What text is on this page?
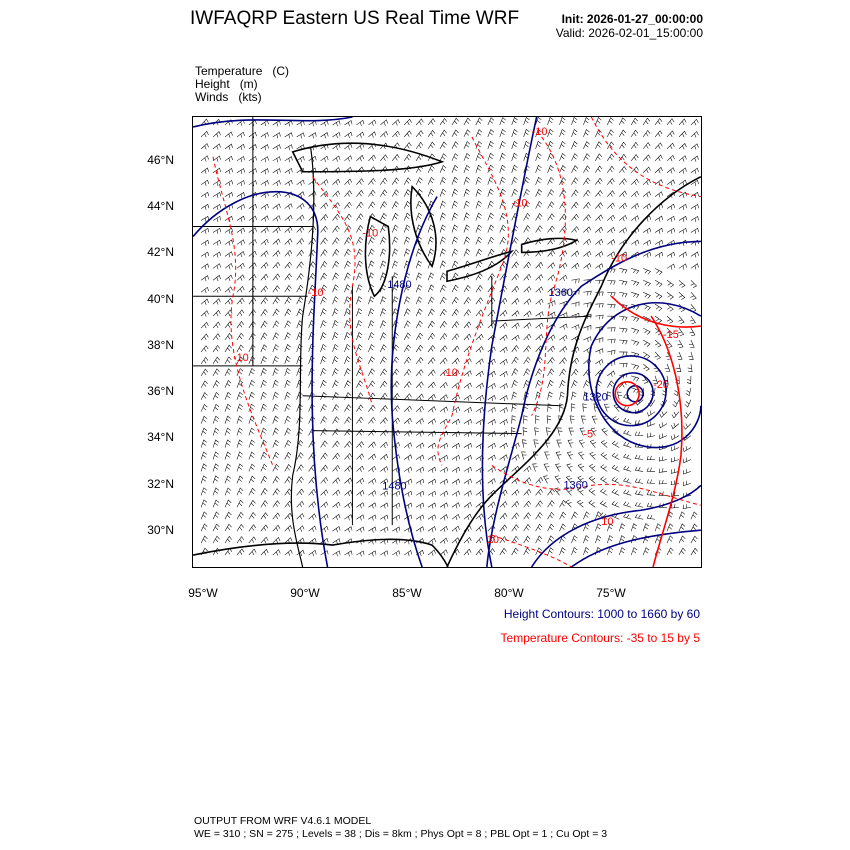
IWFAQRP Eastern US Real Time WRF	Init: 2026-01-27_00:00:00
Valid: 2026-02-01_15:00:00
Temperature   (C)
Height   (m)
Winds   (kts)
1480
1360
1480	1360
1320
-10
-10
-10
-10
10
-5
-10
-15
-20
-10
10
-10
46°N
44°N
42°N
40°N
38°N
36°N
34°N
32°N
30°N
95°W	90°W	85°W	80°W	75°W
Height Contours: 1000 to 1660 by 60
Temperature Contours: -35 to 15 by 5
OUTPUT FROM WRF V4.6.1 MODEL
WE = 310 ; SN = 275 ; Levels = 38 ; Dis = 8km ; Phys Opt = 8 ; PBL Opt = 1 ; Cu Opt = 3
